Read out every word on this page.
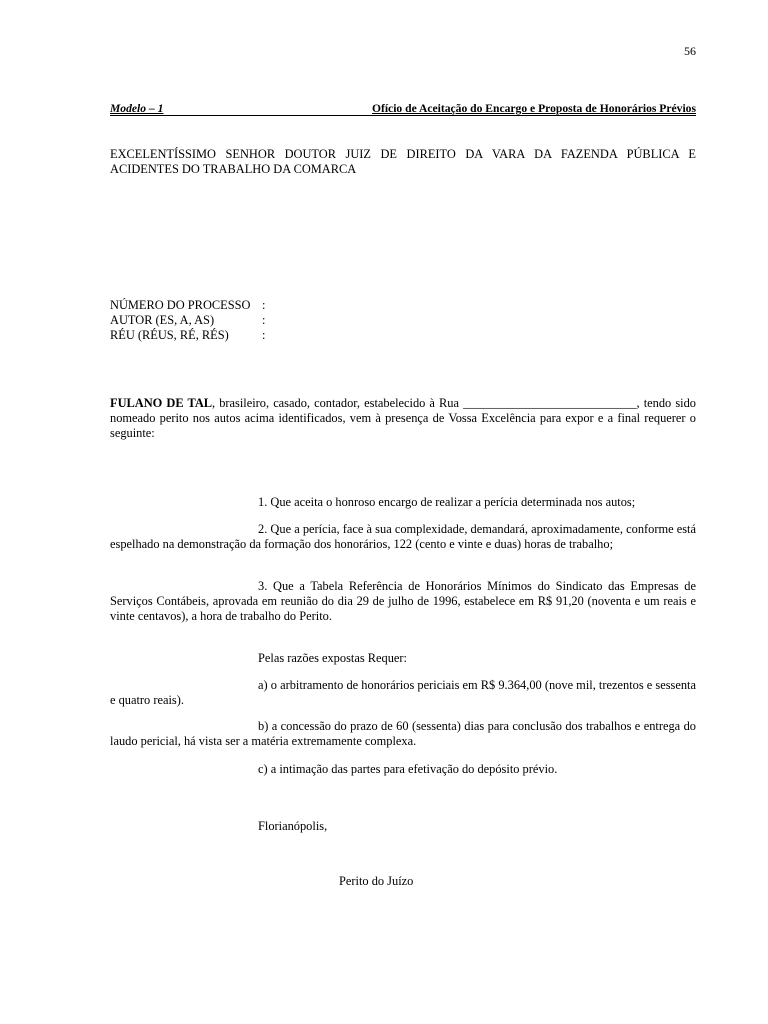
56
Modelo – 1	Ofício de Aceitação do Encargo e Proposta de Honorários Prévios
EXCELENTÍSSIMO SENHOR DOUTOR JUIZ DE DIREITO DA VARA DA FAZENDA PÚBLICA E ACIDENTES DO TRABALHO DA COMARCA
NÚMERO DO PROCESSO :
AUTOR (ES, A, AS)	:
RÉU (RÉUS, RÉ, RÉS)	:
FULANO DE TAL, brasileiro, casado, contador, estabelecido à Rua ____________________________, tendo sido nomeado perito nos autos acima identificados, vem à presença de Vossa Excelência para expor e a final requerer o seguinte:
1. Que aceita o honroso encargo de realizar a perícia determinada nos autos;
2. Que a perícia, face à sua complexidade, demandará, aproximadamente, conforme está espelhado na demonstração da formação dos honorários, 122 (cento e vinte e duas) horas de trabalho;
3. Que a Tabela Referência de Honorários Mínimos do Sindicato das Empresas de Serviços Contábeis, aprovada em reunião do dia 29 de julho de 1996, estabelece em R$ 91,20 (noventa e um reais e vinte centavos), a hora de trabalho do Perito.
Pelas razões expostas Requer:
a) o arbitramento de honorários periciais em R$ 9.364,00 (nove mil, trezentos e sessenta e quatro reais).
b) a concessão do prazo de 60 (sessenta) dias para conclusão dos trabalhos e entrega do laudo pericial, há vista ser a matéria extremamente complexa.
c) a intimação das partes para efetivação do depósito prévio.
Florianópolis,
Perito do Juízo
